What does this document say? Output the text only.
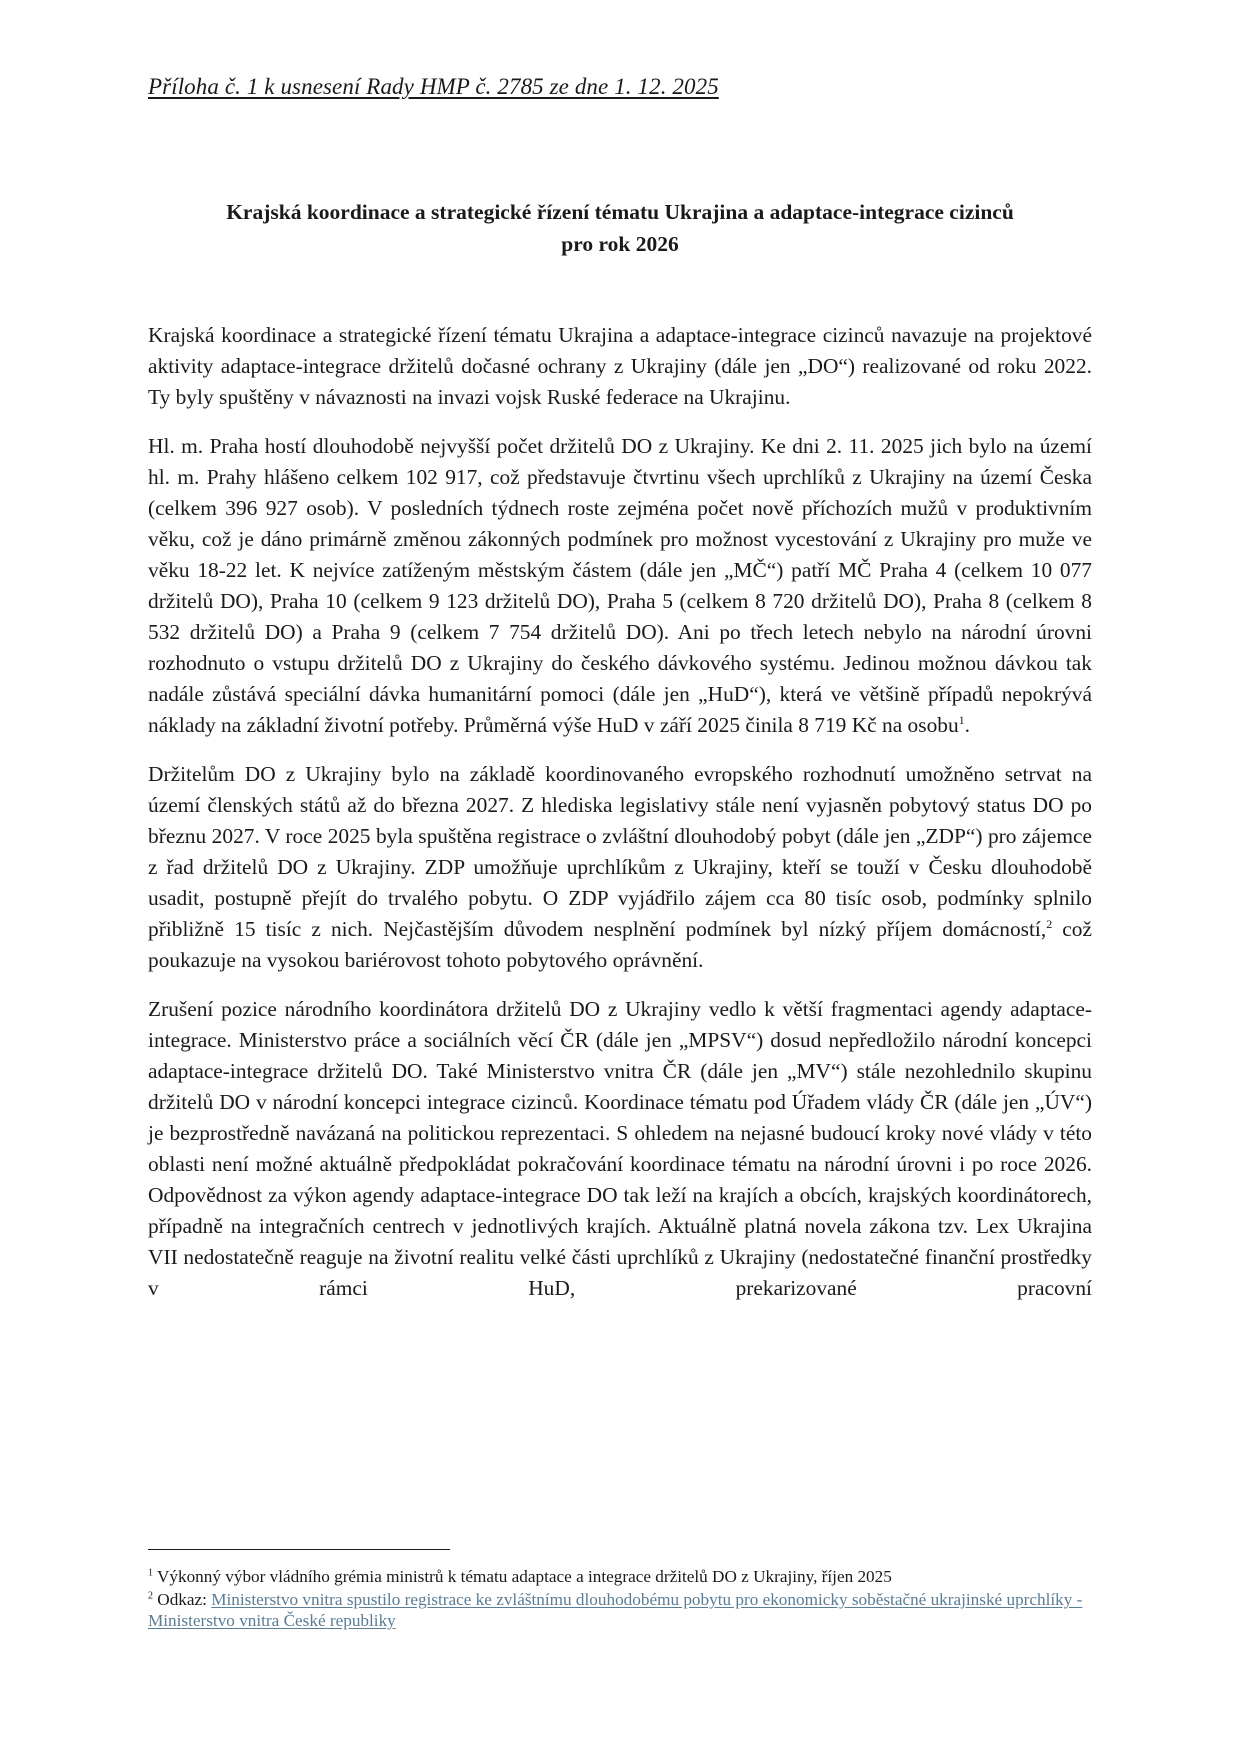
Příloha č. 1 k usnesení Rady HMP č. 2785 ze dne 1. 12. 2025
Krajská koordinace a strategické řízení tématu Ukrajina a adaptace-integrace cizinců
pro rok 2026

Krajská koordinace a strategické řízení tématu Ukrajina a adaptace-integrace cizinců navazuje na projektové aktivity adaptace-integrace držitelů dočasné ochrany z Ukrajiny (dále jen „DO“) realizované od roku 2022. Ty byly spuštěny v návaznosti na invazi vojsk Ruské federace na Ukrajinu.

Hl. m. Praha hostí dlouhodobě nejvyšší počet držitelů DO z Ukrajiny. Ke dni 2. 11. 2025 jich bylo na území hl. m. Prahy hlášeno celkem 102 917, což představuje čtvrtinu všech uprchlíků z Ukrajiny na území Česka (celkem 396 927 osob). V posledních týdnech roste zejména počet nově příchozích mužů v produktivním věku, což je dáno primárně změnou zákonných podmínek pro možnost vycestování z Ukrajiny pro muže ve věku 18-22 let. K nejvíce zatíženým městským částem (dále jen „MČ“) patří MČ Praha 4 (celkem 10 077 držitelů DO), Praha 10 (celkem 9 123 držitelů DO), Praha 5 (celkem 8 720 držitelů DO), Praha 8 (celkem 8 532 držitelů DO) a Praha 9 (celkem 7 754 držitelů DO). Ani po třech letech nebylo na národní úrovni rozhodnuto o vstupu držitelů DO z Ukrajiny do českého dávkového systému. Jedinou možnou dávkou tak nadále zůstává speciální dávka humanitární pomoci (dále jen „HuD“), která ve většině případů nepokrývá náklady na základní životní potřeby. Průměrná výše HuD v září 2025 činila 8 719 Kč na osobu$^1$.

Držitelům DO z Ukrajiny bylo na základě koordinovaného evropského rozhodnutí umožněno setrvat na území členských států až do března 2027. Z hlediska legislativy stále není vyjasněn pobytový status DO po březnu 2027. V roce 2025 byla spuštěna registrace o zvláštní dlouhodobý pobyt (dále jen „ZDP“) pro zájemce z řad držitelů DO z Ukrajiny. ZDP umožňuje uprchlíkům z Ukrajiny, kteří se touží v Česku dlouhodobě usadit, postupně přejít do trvalého pobytu. O ZDP vyjádřilo zájem cca 80 tisíc osob, podmínky splnilo přibližně 15 tisíc z nich. Nejčastějším důvodem nesplnění podmínek byl nízký příjem domácností,$^2$ což poukazuje na vysokou bariérovost tohoto pobytového oprávnění.

Zrušení pozice národního koordinátora držitelů DO z Ukrajiny vedlo k větší fragmentaci agendy adaptace-integrace. Ministerstvo práce a sociálních věcí ČR (dále jen „MPSV“) dosud nepředložilo národní koncepci adaptace-integrace držitelů DO. Také Ministerstvo vnitra ČR (dále jen „MV“) stále nezohlednilo skupinu držitelů DO v národní koncepci integrace cizinců. Koordinace tématu pod Úřadem vlády ČR (dále jen „ÚV“) je bezprostředně navázaná na politickou reprezentaci. S ohledem na nejasné budoucí kroky nové vlády v této oblasti není možné aktuálně předpokládat pokračování koordinace tématu na národní úrovni i po roce 2026. Odpovědnost za výkon agendy adaptace-integrace DO tak leží na krajích a obcích, krajských koordinátorech, případně na integračních centrech v jednotlivých krajích. Aktuálně platná novela zákona tzv. Lex Ukrajina VII nedostatečně reaguje na životní realitu velké části uprchlíků z Ukrajiny (nedostatečné finanční prostředky v rámci HuD, prekarizované pracovní

$^1$ Výkonný výbor vládního grémia ministrů k tématu adaptace a integrace držitelů DO z Ukrajiny, říjen 2025
$^2$ Odkaz: Ministerstvo vnitra spustilo registrace ke zvláštnímu dlouhodobému pobytu pro ekonomicky soběstačné ukrajinské uprchlíky - Ministerstvo vnitra České republiky
